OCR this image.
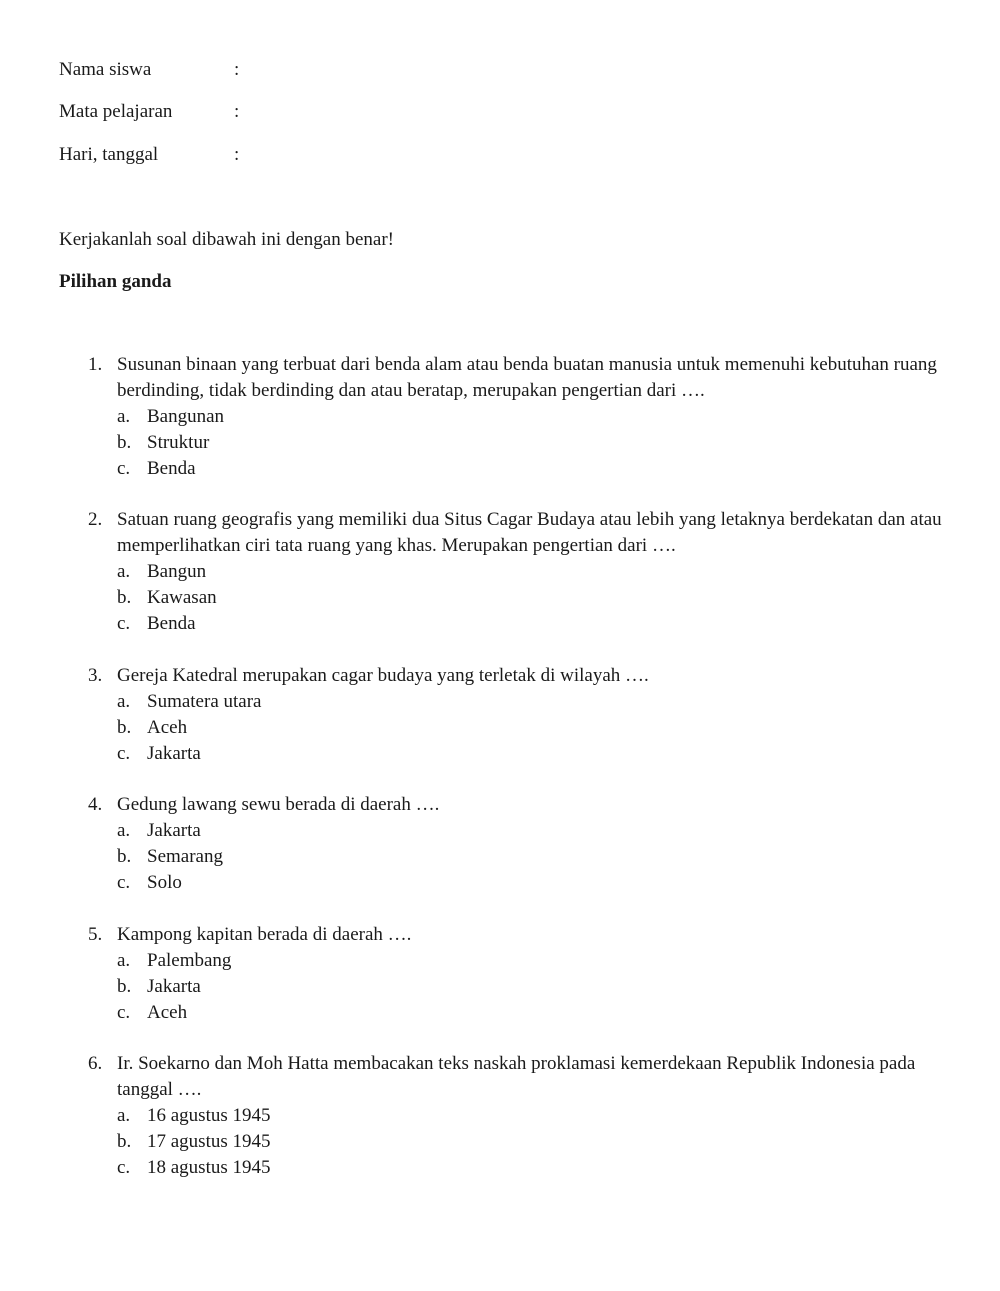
Nama siswa	:
Mata pelajaran	:
Hari, tanggal	:
Kerjakanlah soal dibawah ini dengan benar!
Pilihan ganda
1. Susunan binaan yang terbuat dari benda alam atau benda buatan manusia untuk memenuhi kebutuhan ruang berdinding, tidak berdinding dan atau beratap, merupakan pengertian dari ….
a. Bangunan
b. Struktur
c. Benda
2. Satuan ruang geografis yang memiliki dua Situs Cagar Budaya atau lebih yang letaknya berdekatan dan atau memperlihatkan ciri tata ruang yang khas. Merupakan pengertian dari ….
a. Bangun
b. Kawasan
c. Benda
3. Gereja Katedral merupakan cagar budaya yang terletak di wilayah ….
a. Sumatera utara
b. Aceh
c. Jakarta
4. Gedung lawang sewu berada di daerah ….
a. Jakarta
b. Semarang
c. Solo
5. Kampong kapitan berada di daerah ….
a. Palembang
b. Jakarta
c. Aceh
6. Ir. Soekarno dan Moh Hatta membacakan teks naskah proklamasi kemerdekaan Republik Indonesia pada tanggal ….
a. 16 agustus 1945
b. 17 agustus 1945
c. 18 agustus 1945
